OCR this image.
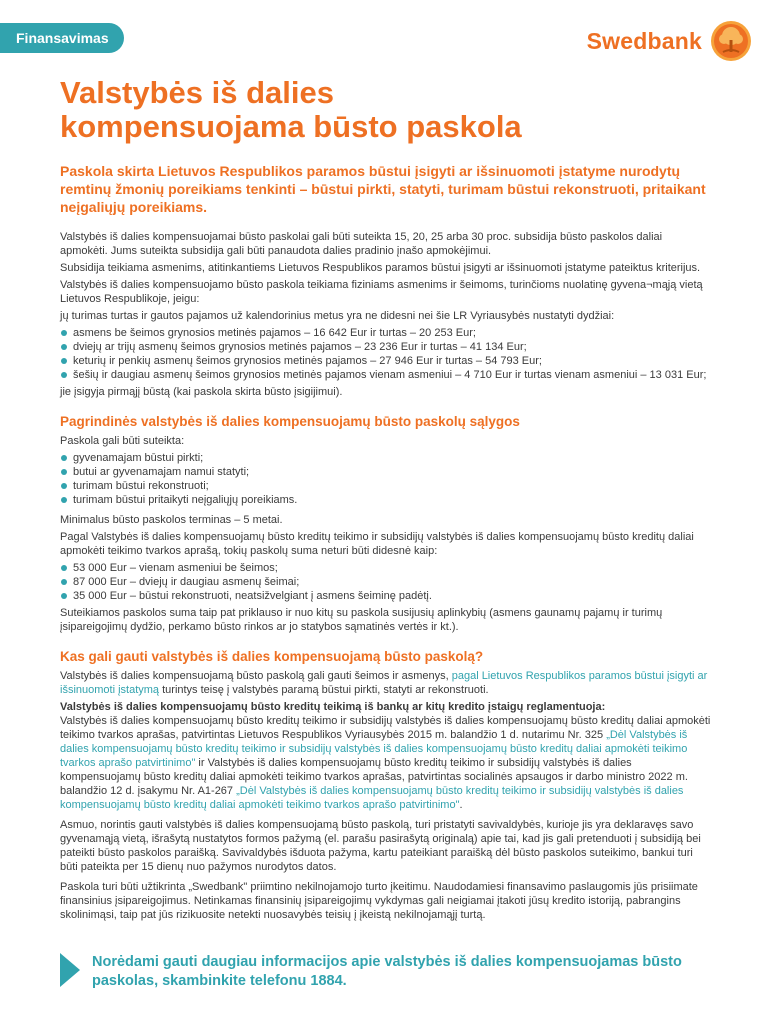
Finansavimas	Swedbank
Valstybės iš dalies
kompensuojama būsto paskola
Paskola skirta Lietuvos Respublikos paramos būstui įsigyti ar išsinuomoti įstatyme nurodytų remtinų žmonių poreikiams tenkinti – būstui pirkti, statyti, turimam būstui rekonstruoti, pritaikant neįgaliųjų poreikiams.

Valstybės iš dalies kompensuojamai būsto paskolai gali būti suteikta 15, 20, 25 arba 30 proc. subsidija būsto paskolos daliai apmokėti. Jums suteikta subsidija gali būti panaudota dalies pradinio įnašo apmokėjimui.

Subsidija teikiama asmenims, atitinkantiems Lietuvos Respublikos paramos būstui įsigyti ar išsinuomoti įstatyme pateiktus kriterijus.

Valstybės iš dalies kompensuojamo būsto paskola teikiama fiziniams asmenims ir šeimoms, turinčioms nuolatinę gyvena¬mąją vietą Lietuvos Respublikoje, jeigu:

jų turimas turtas ir gautos pajamos už kalendorinius metus yra ne didesni nei šie LR Vyriausybės nustatyti dydžiai:

asmens be šeimos grynosios metinės pajamos – 16 642 Eur ir turtas – 20 253 Eur;
dviejų ar trijų asmenų šeimos grynosios metinės pajamos – 23 236 Eur ir turtas – 41 134 Eur;
keturių ir penkių asmenų šeimos grynosios metinės pajamos – 27 946 Eur ir turtas – 54 793 Eur;
šešių ir daugiau asmenų šeimos grynosios metinės pajamos vienam asmeniui – 4 710 Eur ir turtas vienam asmeniui – 13 031 Eur;

jie įsigyja pirmąjį būstą (kai paskola skirta būsto įsigijimui).

Pagrindinės valstybės iš dalies kompensuojamų būsto paskolų sąlygos

Paskola gali būti suteikta:

gyvenamajam būstui pirkti;
butui ar gyvenamajam namui statyti;
turimam būstui rekonstruoti;
turimam būstui pritaikyti neįgaliųjų poreikiams.

Minimalus būsto paskolos terminas – 5 metai.

Pagal Valstybės iš dalies kompensuojamų būsto kreditų teikimo ir subsidijų valstybės iš dalies kompensuojamų būsto kreditų daliai apmokėti teikimo tvarkos aprašą, tokių paskolų suma neturi būti didesnė kaip:

53 000 Eur – vienam asmeniui be šeimos;
87 000 Eur – dviejų ir daugiau asmenų šeimai;
35 000 Eur – būstui rekonstruoti, neatsižvelgiant į asmens šeiminę padėtį.

Suteikiamos paskolos suma taip pat priklauso ir nuo kitų su paskola susijusių aplinkybių (asmens gaunamų pajamų ir turimų įsipareigojimų dydžio, perkamo būsto rinkos ar jo statybos sąmatinės vertės ir kt.).

Kas gali gauti valstybės iš dalies kompensuojamą būsto paskolą?

Valstybės iš dalies kompensuojamą būsto paskolą gali gauti šeimos ir asmenys, pagal Lietuvos Respublikos paramos būstui įsigyti ar išsinuomoti įstatymą turintys teisę į valstybės paramą būstui pirkti, statyti ar rekonstruoti.

Valstybės iš dalies kompensuojamų būsto kreditų teikimą iš bankų ar kitų kredito įstaigų reglamentuoja:

Valstybės iš dalies kompensuojamų būsto kreditų teikimo ir subsidijų valstybės iš dalies kompensuojamų būsto kreditų daliai apmokėti teikimo tvarkos aprašas, patvirtintas Lietuvos Respublikos Vyriausybės 2015 m. balandžio 1 d. nutarimu Nr. 325 „Dėl Valstybės iš dalies kompensuojamų būsto kreditų teikimo ir subsidijų valstybės iš dalies kompensuojamų būsto kreditų daliai apmokėti teikimo tvarkos aprašo patvirtinimo" ir Valstybės iš dalies kompensuojamų būsto kreditų teikimo ir subsidijų valstybės iš dalies kompensuojamų būsto kreditų daliai apmokėti teikimo tvarkos aprašas, patvirtintas socialinės apsaugos ir darbo ministro 2022 m. balandžio 12 d. įsakymu Nr. A1-267 „Dėl Valstybės iš dalies kompensuojamų būsto kreditų teikimo ir subsidijų valstybės iš dalies kompensuojamų būsto kreditų daliai apmokėti teikimo tvarkos aprašo patvirtinimo".

Asmuo, norintis gauti valstybės iš dalies kompensuojamą būsto paskolą, turi pristatyti savivaldybės, kurioje jis yra deklaravęs savo gyvenamąją vietą, išrašytą nustatytos formos pažymą (el. parašu pasirašytą originalą) apie tai, kad jis gali pretenduoti į subsidiją bei pateikti būsto paskolos paraišką. Savivaldybės išduota pažyma, kartu pateikiant paraišką dėl būsto paskolos suteikimo, bankui turi būti pateikta per 15 dienų nuo pažymos nurodytos datos.

Paskola turi būti užtikrinta „Swedbank" priimtino nekilnojamojo turto įkeitimu. Naudodamiesi finansavimo paslaugomis jūs prisiimate finansinius įsipareigojimus. Netinkamas finansinių įsipareigojimų vykdymas gali neigiamai įtakoti jūsų kredito istoriją, pabrangins skolinimąsi, taip pat jūs rizikuosite netekti nuosavybės teisių į įkeistą nekilnojamąjį turtą.

Norėdami gauti daugiau informacijos apie valstybės iš dalies kompensuojamas būsto paskolas, skambinkite telefonu 1884.
